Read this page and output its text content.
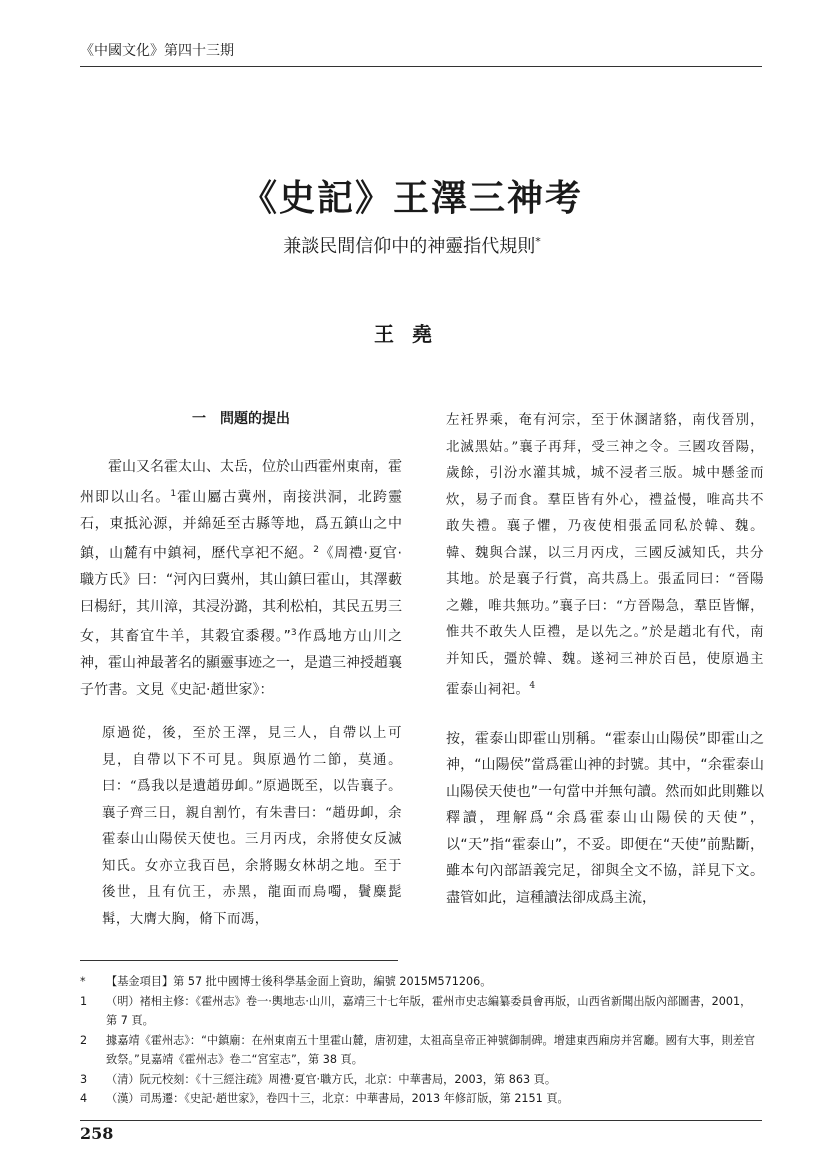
《中國文化》第四十三期
《史記》王澤三神考
兼談民間信仰中的神靈指代規則*
王堯

一　問題的提出

霍山又名霍太山、太岳，位於山西霍州東南，霍州即以山名。$^1$霍山屬古冀州，南接洪洞，北跨靈石，東抵沁源，并綿延至古縣等地，爲五鎮山之中鎮，山麓有中鎮祠，歷代享祀不絕。$^2$《周禮·夏官·職方氏》曰：“河內曰冀州，其山鎮曰霍山，其澤藪曰楊紆，其川漳，其浸汾潞，其利松柏，其民五男三女，其畜宜牛羊，其穀宜黍稷。”$^3$作爲地方山川之神，霍山神最著名的顯靈事迹之一，是遣三神授趙襄子竹書。文見《史記·趙世家》：

原過從，後，至於王澤，見三人，自帶以上可見，自帶以下不可見。與原過竹二節，莫通。曰：“爲我以是遺趙毋卹。”原過既至，以告襄子。襄子齊三日，親自割竹，有朱書曰：“趙毋卹，余霍泰山山陽侯天使也。三月丙戌，余將使女反滅知氏。女亦立我百邑，余將賜女林胡之地。至于後世，且有伉王，赤黑，龍面而鳥噣，鬢麋髭髯，大膺大胸，脩下而馮，

左衽界乘，奄有河宗，至于休溷諸貉，南伐晉別，北滅黑姑。”襄子再拜，受三神之令。三國攻晉陽，歲餘，引汾水灌其城，城不浸者三版。城中懸釜而炊，易子而食。羣臣皆有外心，禮益慢，唯高共不敢失禮。襄子懼，乃夜使相張孟同私於韓、魏。韓、魏與合謀，以三月丙戌，三國反滅知氏，共分其地。於是襄子行賞，高共爲上。張孟同曰：“晉陽之難，唯共無功。”襄子曰：“方晉陽急，羣臣皆懈，惟共不敢失人臣禮，是以先之。”於是趙北有代，南并知氏，彊於韓、魏。遂祠三神於百邑，使原過主霍泰山祠祀。$^4$

按，霍泰山即霍山別稱。“霍泰山山陽侯”即霍山之神，“山陽侯”當爲霍山神的封號。其中，“余霍泰山山陽侯天使也”一句當中并無句讀。然而如此則難以釋讀，理解爲“余爲霍泰山山陽侯的天使”，以“天”指“霍泰山”，不妥。即便在“天使”前點斷，雖本句內部語義完足，卻與全文不協，詳見下文。盡管如此，這種讀法卻成爲主流，

*	【基金項目】第 57 批中國博士後科學基金面上資助，編號 2015M571206。
1	（明）褚相主修：《霍州志》卷一·輿地志·山川，嘉靖三十七年版，霍州市史志編纂委員會再版，山西省新聞出版內部圖書，2001，第 7 頁。
2	據嘉靖《霍州志》：“中鎮廟：在州東南五十里霍山麓，唐初建，太祖高皇帝正神號御制碑。增建東西廂房并宮廳。國有大事，則差官致祭。”見嘉靖《霍州志》卷二“宮室志”，第 38 頁。
3	（清）阮元校刻：《十三經注疏》周禮·夏官·職方氏，北京：中華書局，2003，第 863 頁。
4	（漢）司馬遷：《史記·趙世家》，卷四十三，北京：中華書局，2013 年修訂版，第 2151 頁。
258
